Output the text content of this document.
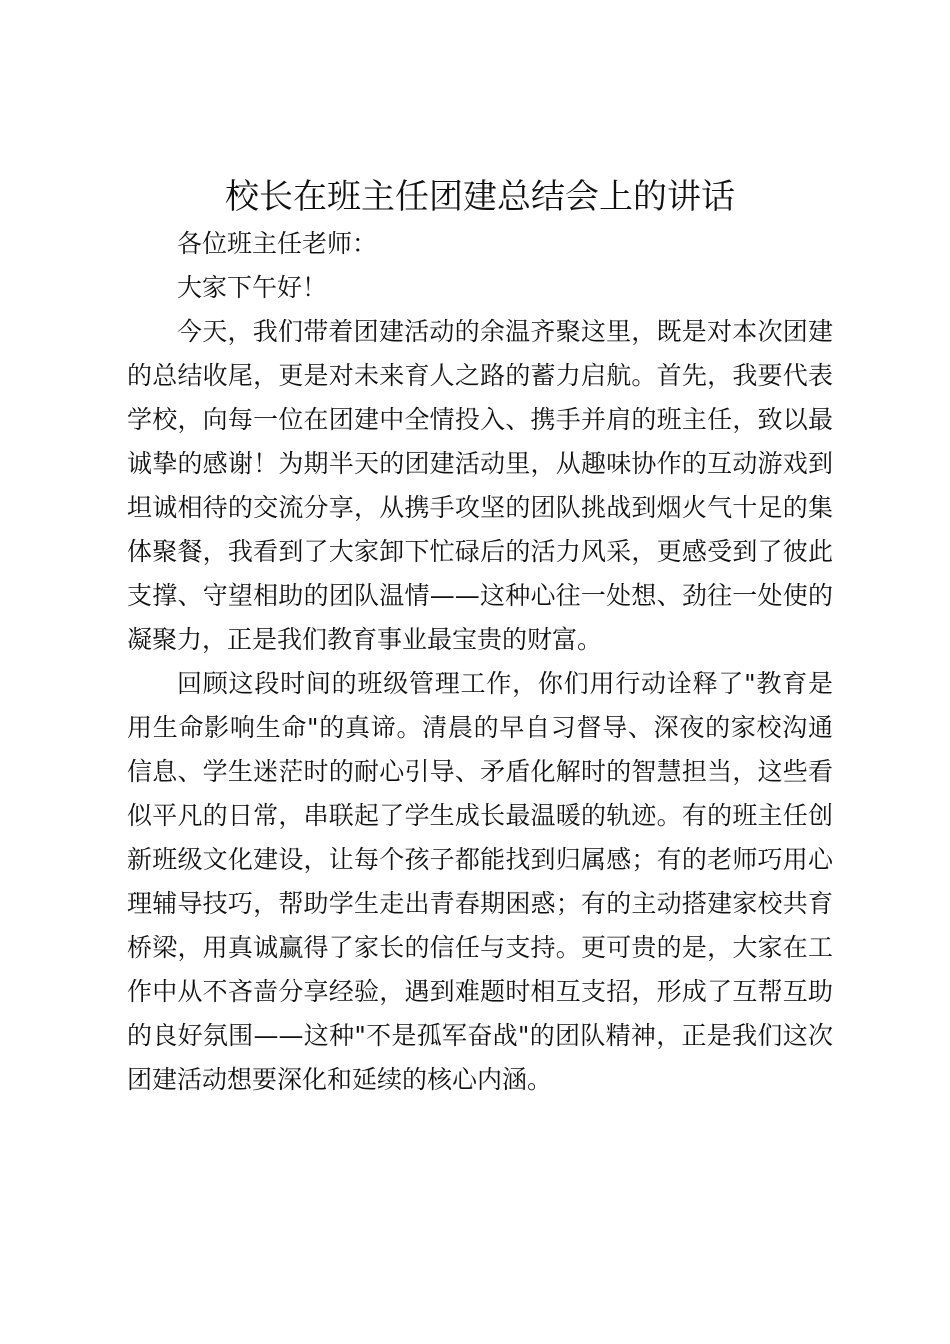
校长在班主任团建总结会上的讲话

各位班主任老师：

大家下午好！

今天，我们带着团建活动的余温齐聚这里，既是对本次团建的总结收尾，更是对未来育人之路的蓄力启航。首先，我要代表学校，向每一位在团建中全情投入、携手并肩的班主任，致以最诚挚的感谢！为期半天的团建活动里，从趣味协作的互动游戏到坦诚相待的交流分享，从携手攻坚的团队挑战到烟火气十足的集体聚餐，我看到了大家卸下忙碌后的活力风采，更感受到了彼此支撑、守望相助的团队温情——这种心往一处想、劲往一处使的凝聚力，正是我们教育事业最宝贵的财富。

回顾这段时间的班级管理工作，你们用行动诠释了"教育是用生命影响生命"的真谛。清晨的早自习督导、深夜的家校沟通信息、学生迷茫时的耐心引导、矛盾化解时的智慧担当，这些看似平凡的日常，串联起了学生成长最温暖的轨迹。有的班主任创新班级文化建设，让每个孩子都能找到归属感；有的老师巧用心理辅导技巧，帮助学生走出青春期困惑；有的主动搭建家校共育桥梁，用真诚赢得了家长的信任与支持。更可贵的是，大家在工作中从不吝啬分享经验，遇到难题时相互支招，形成了互帮互助的良好氛围——这种"不是孤军奋战"的团队精神，正是我们这次团建活动想要深化和延续的核心内涵。
